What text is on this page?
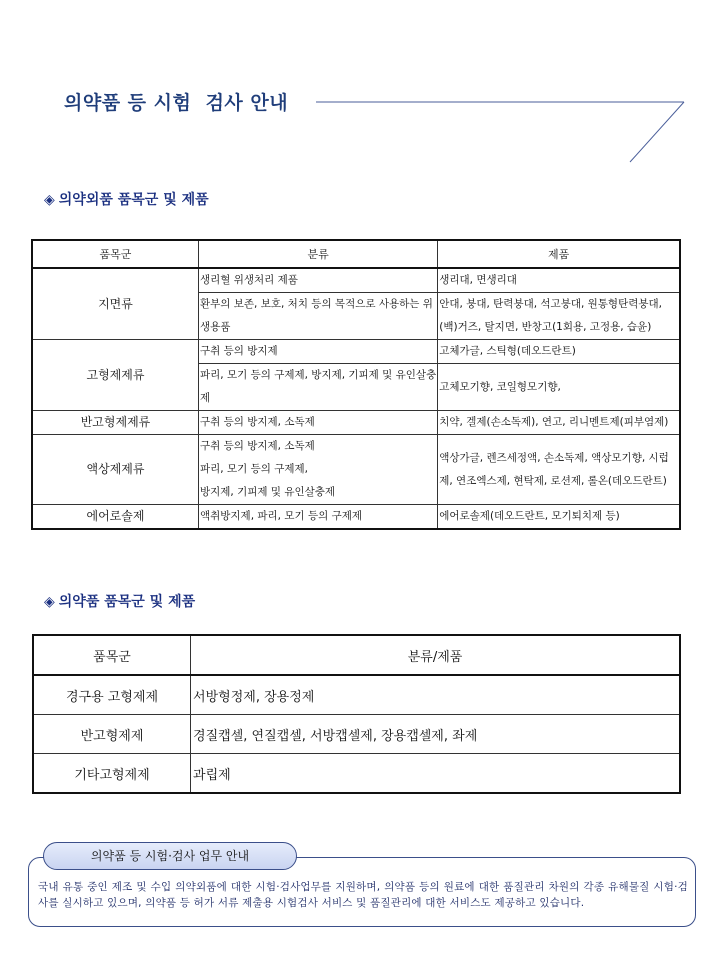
의약품 등 시험  검사 안내
◈ 의약외품 품목군 및 제품
품목군	분류	제품
지면류	생리혈 위생처리 제품	생리대, 면생리대
	환부의 보존, 보호, 처치 등의 목적으로 사용하는 위생용품	안대, 붕대, 탄력붕대, 석고붕대, 원통형탄력붕대, (백)거즈, 탈지면, 반창고(1회용, 고정용, 습윤)
고형제제류	구취 등의 방지제	고체가글, 스틱형(데오드란트)
	파리, 모기 등의 구제제, 방지제, 기피제 및 유인살충제	고체모기향, 코일형모기향,
반고형제제류	구취 등의 방지제, 소독제	치약, 겔제(손소독제), 연고, 리니멘트제(피부염제)
액상제제류	구취 등의 방지제, 소독제
파리, 모기 등의 구제제,
방지제, 기피제 및 유인살충제	액상가글, 렌즈세정액, 손소독제, 액상모기향, 시럽제, 연조엑스제, 현탁제, 로션제, 롤온(데오드란트)
에어로솔제	액취방지제, 파리, 모기 등의 구제제	에어로솔제(데오드란트, 모기퇴치제 등)
◈ 의약품 품목군 및 제품
품목군	분류/제품
경구용 고형제제	서방형정제, 장용정제
반고형제제	경질캡셀, 연질캡셀, 서방캡셀제, 장용캡셀제, 좌제
기타고형제제	과립제
의약품 등 시험·검사 업무 안내
국내 유통 중인 제조 및 수입 의약외품에 대한 시험·검사업무를 지원하며, 의약품 등의 원료에 대한 품질관리 차원의 각종 유해물질 시험·검사를 실시하고 있으며, 의약품 등 허가 서류 제출용 시험검사 서비스 및 품질관리에 대한 서비스도 제공하고 있습니다.
